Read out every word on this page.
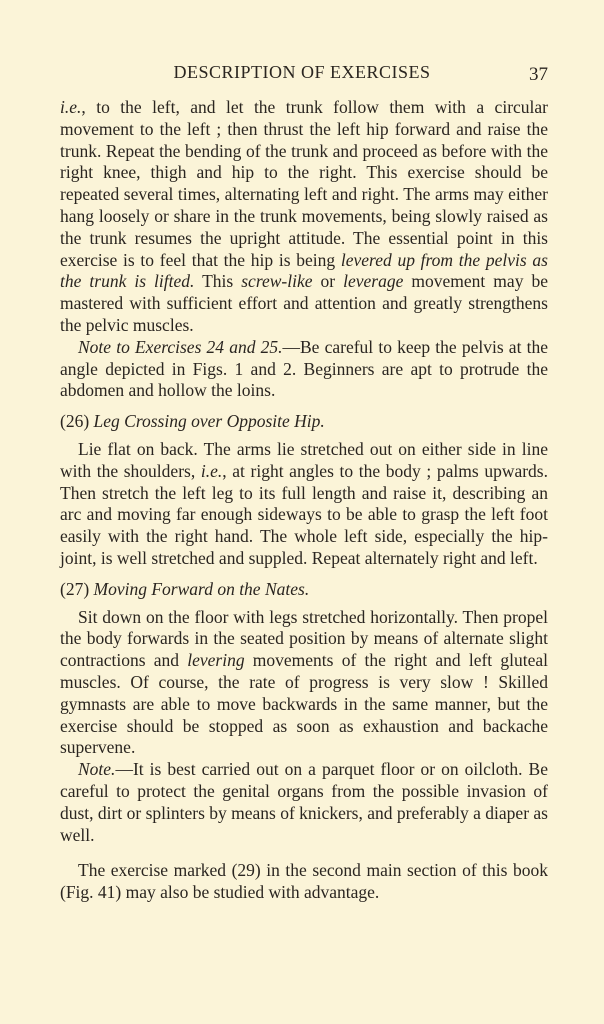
DESCRIPTION OF EXERCISES	37

i.e., to the left, and let the trunk follow them with a circular movement to the left ; then thrust the left hip forward and raise the trunk. Repeat the bending of the trunk and proceed as before with the right knee, thigh and hip to the right. This exercise should be repeated several times, alternating left and right. The arms may either hang loosely or share in the trunk movements, being slowly raised as the trunk resumes the upright attitude. The essential point in this exercise is to feel that the hip is being levered up from the pelvis as the trunk is lifted. This screw-like or leverage movement may be mastered with sufficient effort and attention and greatly strengthens the pelvic muscles.

Note to Exercises 24 and 25.—Be careful to keep the pelvis at the angle depicted in Figs. 1 and 2. Beginners are apt to protrude the abdomen and hollow the loins.

(26) Leg Crossing over Opposite Hip.

Lie flat on back. The arms lie stretched out on either side in line with the shoulders, i.e., at right angles to the body ; palms upwards. Then stretch the left leg to its full length and raise it, describing an arc and moving far enough sideways to be able to grasp the left foot easily with the right hand. The whole left side, especially the hip-joint, is well stretched and suppled. Repeat alternately right and left.

(27) Moving Forward on the Nates.

Sit down on the floor with legs stretched horizontally. Then propel the body forwards in the seated position by means of alternate slight contractions and levering movements of the right and left gluteal muscles. Of course, the rate of progress is very slow ! Skilled gymnasts are able to move backwards in the same manner, but the exercise should be stopped as soon as exhaustion and backache supervene.

Note.—It is best carried out on a parquet floor or on oilcloth. Be careful to protect the genital organs from the possible invasion of dust, dirt or splinters by means of knickers, and preferably a diaper as well.

The exercise marked (29) in the second main section of this book (Fig. 41) may also be studied with advantage.
